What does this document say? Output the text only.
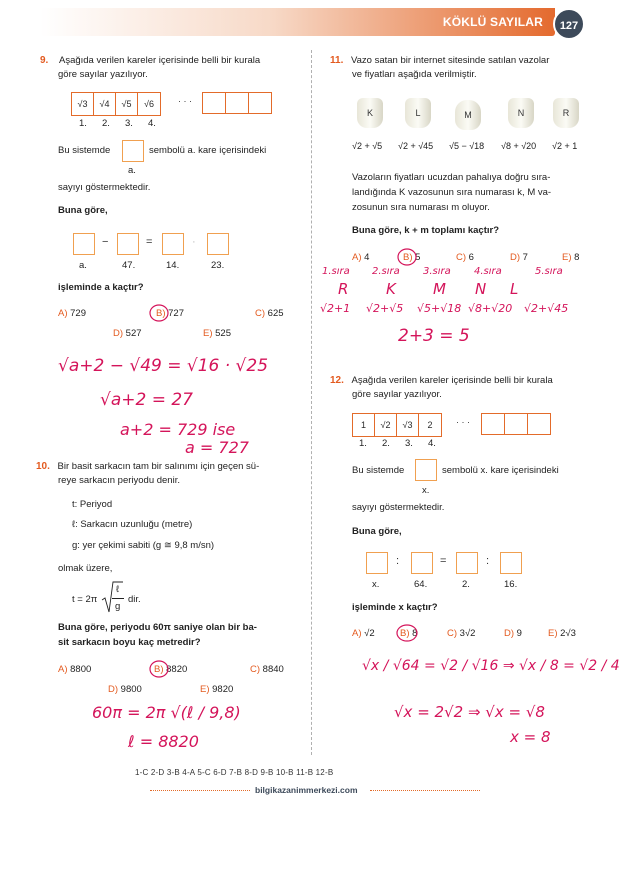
KÖKLÜ SAYILAR	127
9. Aşağıda verilen kareler içerisinde belli bir kurala
göre sayılar yazılıyor.
√3	√4	√5	√6	· · ·
1. 2. 3. 4.
Bu sistemde	sembolü a. kare içerisindeki
a.
sayıyı göstermektedir.
Buna göre,
−	=	·
a.	47.	14.	23.
işleminde a kaçtır?
A) 729	B) 727	C) 625
D) 527	E) 525
√a+2 − √49 = √16 · √25
√a+2 = 27
a+2 = 729 ise
a = 727
10. Bir basit sarkacın tam bir salınımı için geçen sü-
reye sarkacın periyodu denir.
t: Periyod
ℓ: Sarkacın uzunluğu (metre)
g: yer çekimi sabiti (g ≅ 9,8 m/sn)
olmak üzere,
t = 2π
ℓ
g
dir.
Buna göre, periyodu 60π saniye olan bir ba-
sit sarkacın boyu kaç metredir?
A) 8800	B) 8820	C) 8840
D) 9800	E) 9820
60π = 2π √(ℓ / 9,8)
ℓ = 8820
11. Vazo satan bir internet sitesinde satılan vazolar
ve fiyatları aşağıda verilmiştir.
K	L	M	N	R
√2 + √5 √2 + √45 √5 − √18 √8 + √20 √2 + 1
Vazoların fiyatları ucuzdan pahalıya doğru sıra-
landığında K vazosunun sıra numarası k, M va-
zosunun sıra numarası m oluyor.
Buna göre, k + m toplamı kaçtır?
A) 4	B) 5	C) 6	D) 7	E) 8
1.sıra 2.sıra 3.sıra 4.sıra	5.sıra
R	K M N L
√2+1 √2+√5 √5+√18 √8+√20 √2+√45
2+3 = 5
12. Aşağıda verilen kareler içerisinde belli bir kurala
göre sayılar yazılıyor.
1	√2	√3	2	· · ·
1. 2. 3. 4.
Bu sistemde	sembolü x. kare içerisindeki
x.
sayıyı göstermektedir.
Buna göre,
:	=	:
x.	64.	2.	16.
işleminde x kaçtır?
A) √2	B) 8	C) 3√2	D) 9	E) 2√3
√x / √64 = √2 / √16 ⇒ √x / 8 = √2 / 4
√x = 2√2 ⇒ √x = √8
x = 8
1-C 2-D 3-B 4-A 5-C 6-D 7-B 8-D 9-B 10-B 11-B 12-B
bilgikazanimmerkezi.com
